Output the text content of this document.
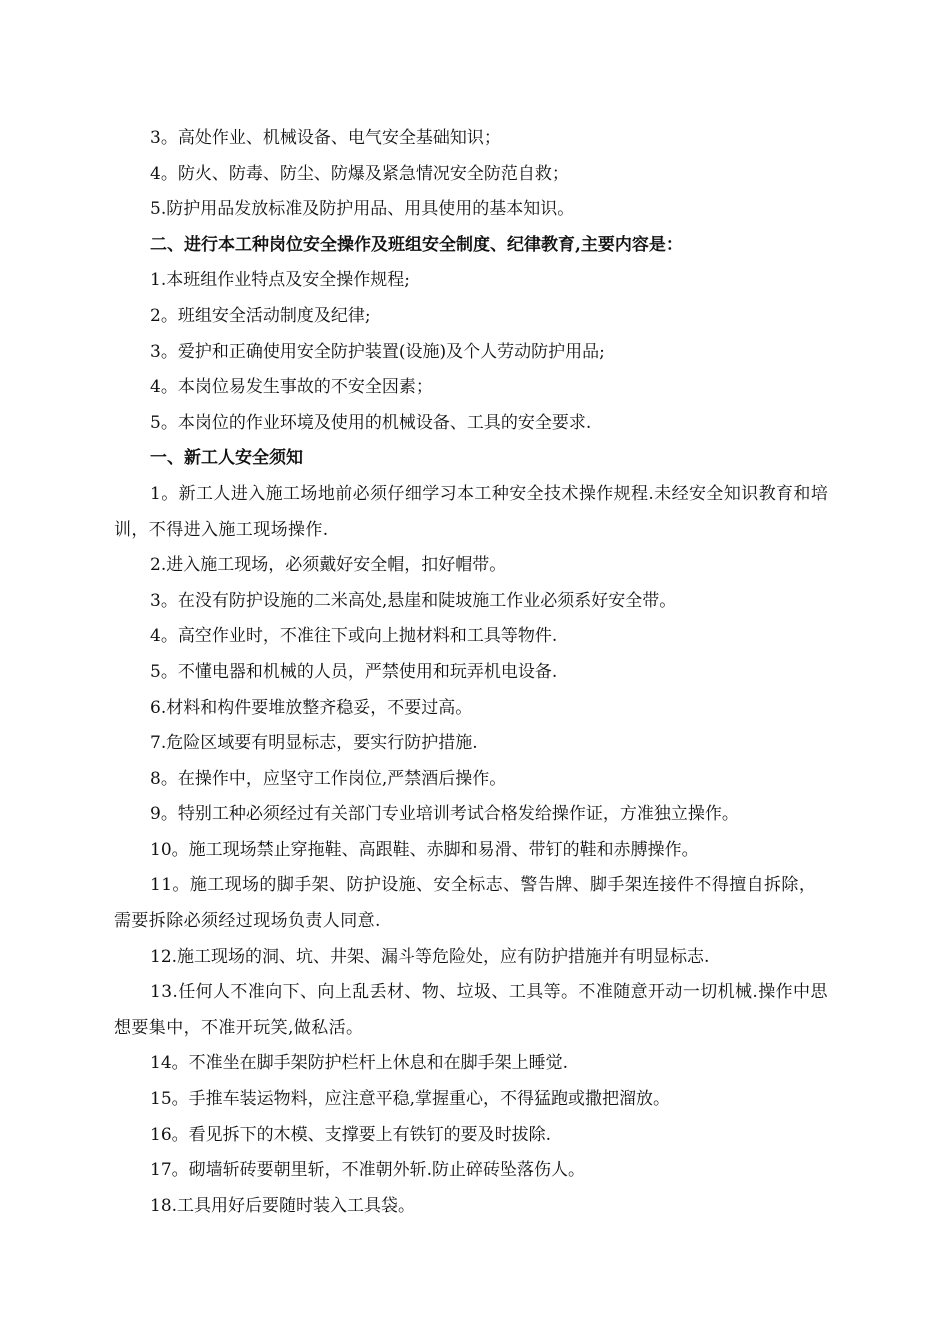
3。高处作业、机械设备、电气安全基础知识；
4。防火、防毒、防尘、防爆及紧急情况安全防范自救；
5.防护用品发放标准及防护用品、用具使用的基本知识。
二、进行本工种岗位安全操作及班组安全制度、纪律教育,主要内容是：
1.本班组作业特点及安全操作规程;
2。班组安全活动制度及纪律;
3。爱护和正确使用安全防护装置(设施)及个人劳动防护用品;
4。本岗位易发生事故的不安全因素；
5。本岗位的作业环境及使用的机械设备、工具的安全要求.
一、新工人安全须知
1。新工人进入施工场地前必须仔细学习本工种安全技术操作规程.未经安全知识教育和培训，不得进入施工现场操作.
2.进入施工现场，必须戴好安全帽，扣好帽带。
3。在没有防护设施的二米高处,悬崖和陡坡施工作业必须系好安全带。
4。高空作业时，不准往下或向上抛材料和工具等物件.
5。不懂电器和机械的人员，严禁使用和玩弄机电设备.
6.材料和构件要堆放整齐稳妥，不要过高。
7.危险区域要有明显标志，要实行防护措施.
8。在操作中，应坚守工作岗位,严禁酒后操作。
9。特别工种必须经过有关部门专业培训考试合格发给操作证，方准独立操作。
10。施工现场禁止穿拖鞋、高跟鞋、赤脚和易滑、带钉的鞋和赤膊操作。
11。施工现场的脚手架、防护设施、安全标志、警告牌、脚手架连接件不得擅自拆除，需要拆除必须经过现场负责人同意.
12.施工现场的洞、坑、井架、漏斗等危险处，应有防护措施并有明显标志.
13.任何人不准向下、向上乱丢材、物、垃圾、工具等。不准随意开动一切机械.操作中思想要集中，不准开玩笑,做私活。
14。不准坐在脚手架防护栏杆上休息和在脚手架上睡觉.
15。手推车装运物料，应注意平稳,掌握重心，不得猛跑或撒把溜放。
16。看见拆下的木模、支撑要上有铁钉的要及时拔除.
17。砌墙斩砖要朝里斩，不准朝外斩.防止碎砖坠落伤人。
18.工具用好后要随时装入工具袋。
